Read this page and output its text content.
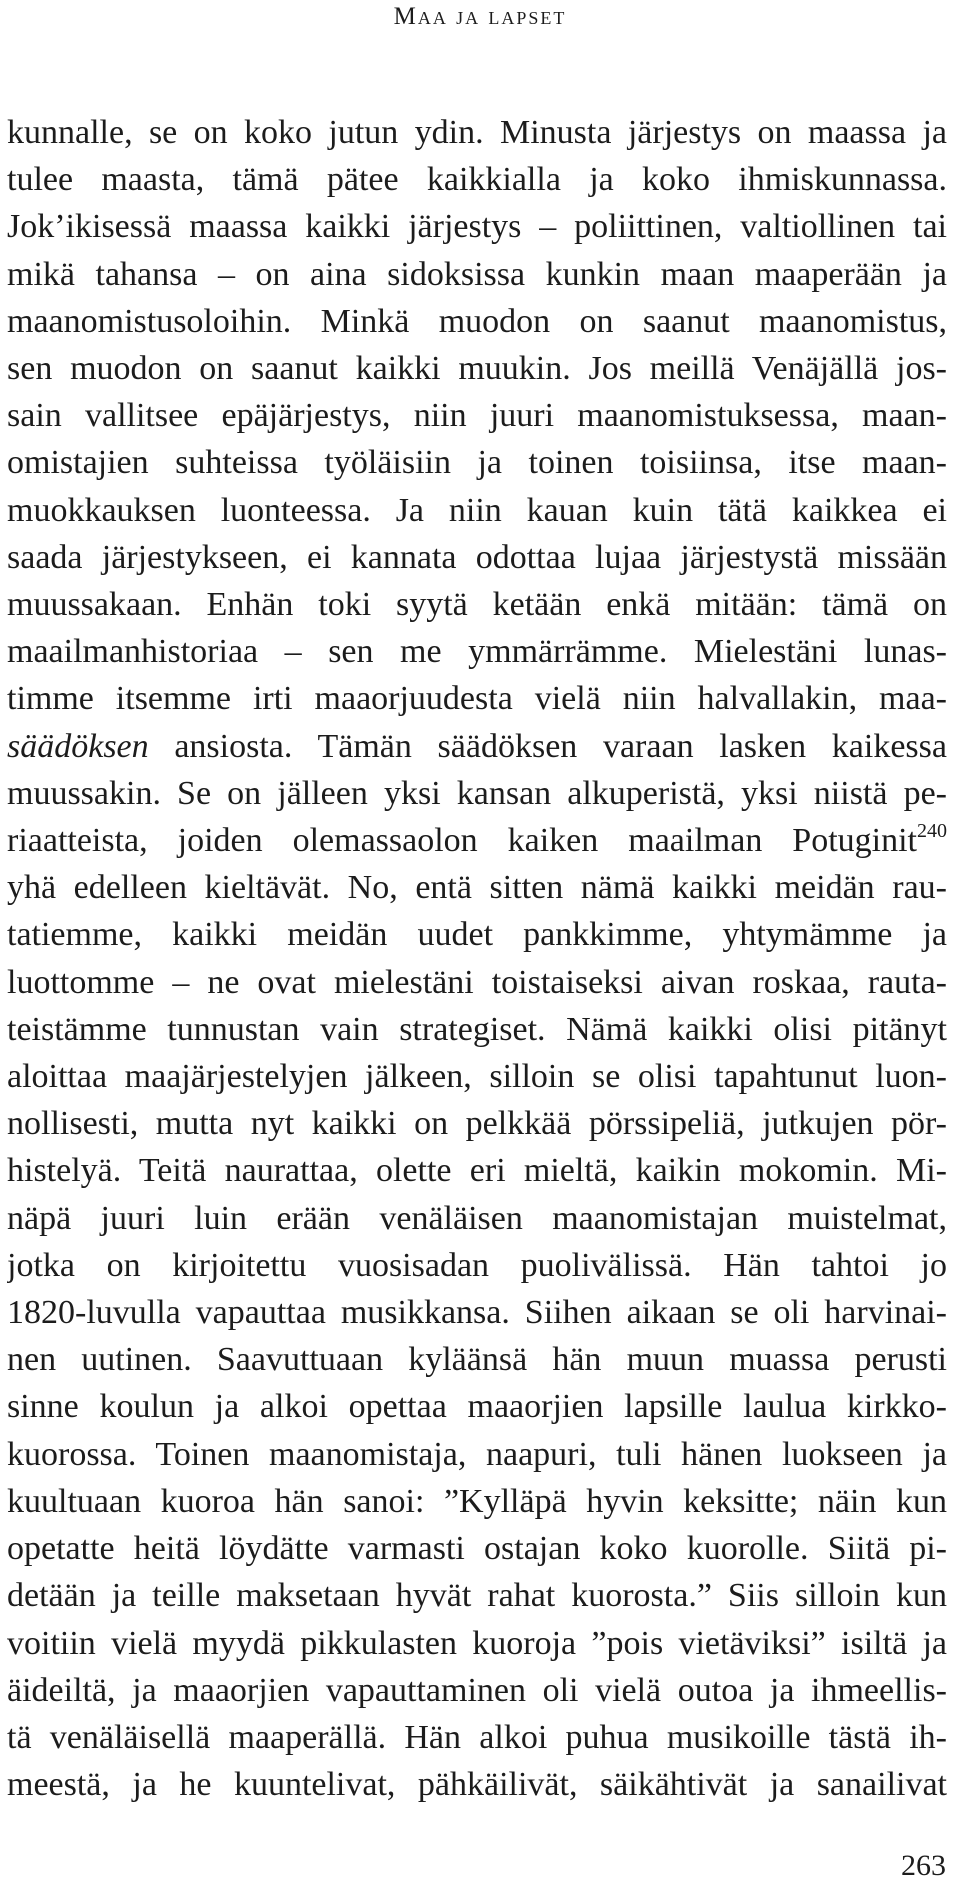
Maa ja lapset
kunnalle, se on koko jutun ydin. Minusta järjestys on maassa ja
tulee maasta, tämä pätee kaikkialla ja koko ihmiskunnassa.
Jok’ikisessä maassa kaikki järjestys – poliittinen, valtiollinen tai
mikä tahansa – on aina sidoksissa kunkin maan maaperään ja
maanomistusoloihin. Minkä muodon on saanut maanomistus,
sen muodon on saanut kaikki muukin. Jos meillä Venäjällä jos-
sain vallitsee epäjärjestys, niin juuri maanomistuksessa, maan-
omistajien suhteissa työläisiin ja toinen toisiinsa, itse maan-
muokkauksen luonteessa. Ja niin kauan kuin tätä kaikkea ei
saada järjestykseen, ei kannata odottaa lujaa järjestystä missään
muussakaan. Enhän toki syytä ketään enkä mitään: tämä on
maailmanhistoriaa – sen me ymmärrämme. Mielestäni lunas-
timme itsemme irti maaorjuudesta vielä niin halvallakin, maa-
säädöksen ansiosta. Tämän säädöksen varaan lasken kaikessa
muussakin. Se on jälleen yksi kansan alkuperistä, yksi niistä pe-
riaatteista, joiden olemassaolon kaiken maailman Potuginit$^{240}$
yhä edelleen kieltävät. No, entä sitten nämä kaikki meidän rau-
tatiemme, kaikki meidän uudet pankkimme, yhtymämme ja
luottomme – ne ovat mielestäni toistaiseksi aivan roskaa, rauta-
teistämme tunnustan vain strategiset. Nämä kaikki olisi pitänyt
aloittaa maajärjestelyjen jälkeen, silloin se olisi tapahtunut luon-
nollisesti, mutta nyt kaikki on pelkkää pörssipeliä, jutkujen pör-
histelyä. Teitä naurattaa, olette eri mieltä, kaikin mokomin. Mi-
näpä juuri luin erään venäläisen maanomistajan muistelmat,
jotka on kirjoitettu vuosisadan puolivälissä. Hän tahtoi jo
1820-luvulla vapauttaa musikkansa. Siihen aikaan se oli harvinai-
nen uutinen. Saavuttuaan kyläänsä hän muun muassa perusti
sinne koulun ja alkoi opettaa maaorjien lapsille laulua kirkko-
kuorossa. Toinen maanomistaja, naapuri, tuli hänen luokseen ja
kuultuaan kuoroa hän sanoi: ”Kylläpä hyvin keksitte; näin kun
opetatte heitä löydätte varmasti ostajan koko kuorolle. Siitä pi-
detään ja teille maksetaan hyvät rahat kuorosta.” Siis silloin kun
voitiin vielä myydä pikkulasten kuoroja ”pois vietäviksi” isiltä ja
äideiltä, ja maaorjien vapauttaminen oli vielä outoa ja ihmeellis-
tä venäläisellä maaperällä. Hän alkoi puhua musikoille tästä ih-
meestä, ja he kuuntelivat, pähkäilivät, säikähtivät ja sanailivat
263
